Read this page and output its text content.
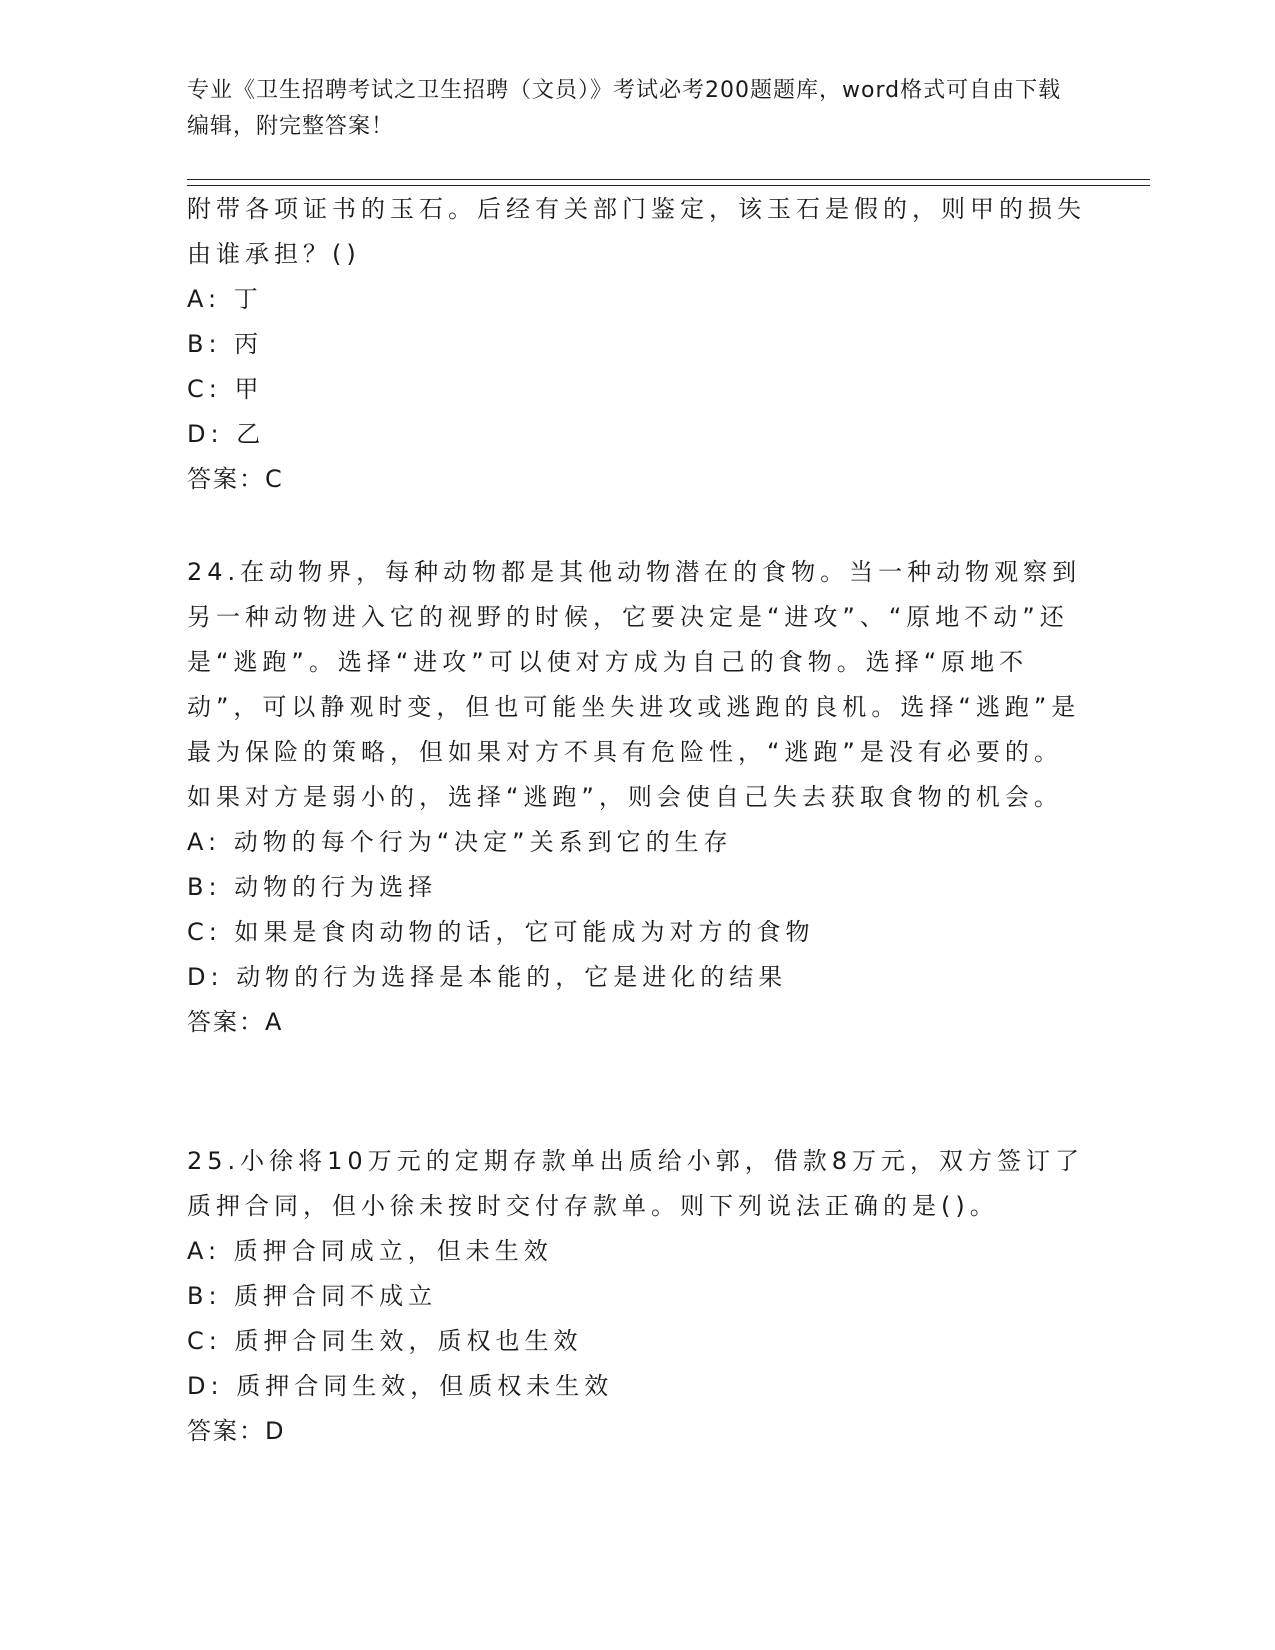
专业《卫生招聘考试之卫生招聘（文员）》考试必考200题题库，word格式可自由下载编辑，附完整答案！

附带各项证书的玉石。后经有关部门鉴定，该玉石是假的，则甲的损失由谁承担？()

A: 丁

B: 丙

C: 甲

D: 乙

答案：C

24.在动物界，每种动物都是其他动物潜在的食物。当一种动物观察到另一种动物进入它的视野的时候，它要决定是“进攻”、“原地不动”还是“逃跑”。选择“进攻”可以使对方成为自己的食物。选择“原地不动”，可以静观时变，但也可能坐失进攻或逃跑的良机。选择“逃跑”是最为保险的策略，但如果对方不具有危险性，“逃跑”是没有必要的。如果对方是弱小的，选择“逃跑”，则会使自己失去获取食物的机会。

A: 动物的每个行为“决定”关系到它的生存

B: 动物的行为选择

C: 如果是食肉动物的话，它可能成为对方的食物

D: 动物的行为选择是本能的，它是进化的结果

答案：A

25.小徐将10万元的定期存款单出质给小郭，借款8万元，双方签订了质押合同，但小徐未按时交付存款单。则下列说法正确的是()。

A: 质押合同成立，但未生效

B: 质押合同不成立

C: 质押合同生效，质权也生效

D: 质押合同生效，但质权未生效

答案：D
